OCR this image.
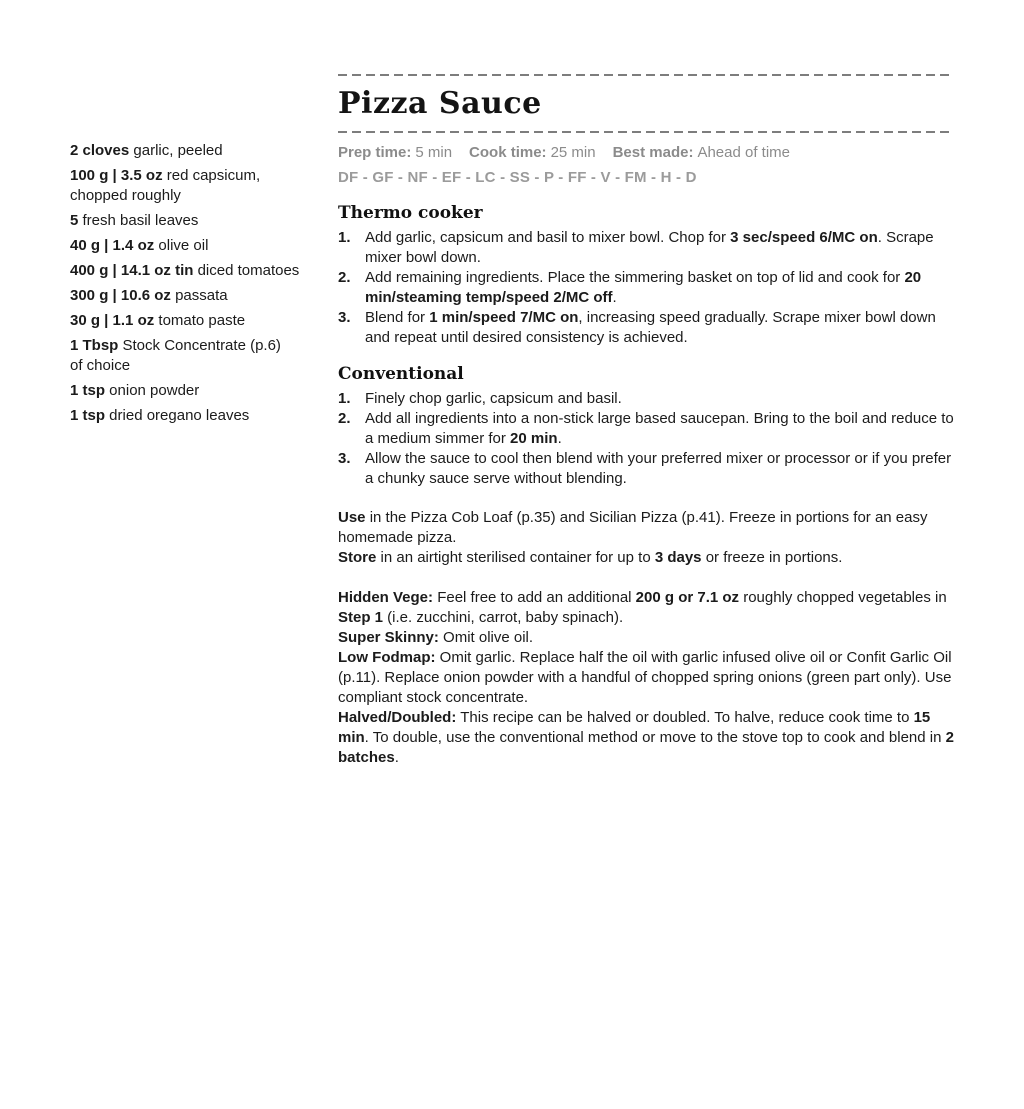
2 cloves garlic, peeled
100 g | 3.5 oz red capsicum,
chopped roughly
5 fresh basil leaves
40 g | 1.4 oz olive oil
400 g | 14.1 oz tin diced tomatoes
300 g | 10.6 oz passata
30 g | 1.1 oz tomato paste
1 Tbsp Stock Concentrate (p.6)
of choice
1 tsp onion powder
1 tsp dried oregano leaves
Pizza Sauce
Prep time: 5 min Cook time: 25 min Best made: Ahead of time
DF - GF - NF - EF - LC - SS - P - FF - V - FM - H - D
Thermo cooker
1. Add garlic, capsicum and basil to mixer bowl. Chop for 3 sec/speed 6/MC on. Scrape mixer bowl down.
2. Add remaining ingredients. Place the simmering basket on top of lid and cook for 20 min/steaming temp/speed 2/MC off.
3. Blend for 1 min/speed 7/MC on, increasing speed gradually. Scrape mixer bowl down and repeat until desired consistency is achieved.
Conventional
1. Finely chop garlic, capsicum and basil.
2. Add all ingredients into a non-stick large based saucepan. Bring to the boil and reduce to a medium simmer for 20 min.
3. Allow the sauce to cool then blend with your preferred mixer or processor or if you prefer a chunky sauce serve without blending.

Use in the Pizza Cob Loaf (p.35) and Sicilian Pizza (p.41). Freeze in portions for an easy homemade pizza.

Store in an airtight sterilised container for up to 3 days or freeze in portions.

Hidden Vege: Feel free to add an additional 200 g or 7.1 oz roughly chopped vegetables in Step 1 (i.e. zucchini, carrot, baby spinach).

Super Skinny: Omit olive oil.

Low Fodmap: Omit garlic. Replace half the oil with garlic infused olive oil or Confit Garlic Oil (p.11). Replace onion powder with a handful of chopped spring onions (green part only). Use compliant stock concentrate.

Halved/Doubled: This recipe can be halved or doubled. To halve, reduce cook time to 15 min. To double, use the conventional method or move to the stove top to cook and blend in 2 batches.
